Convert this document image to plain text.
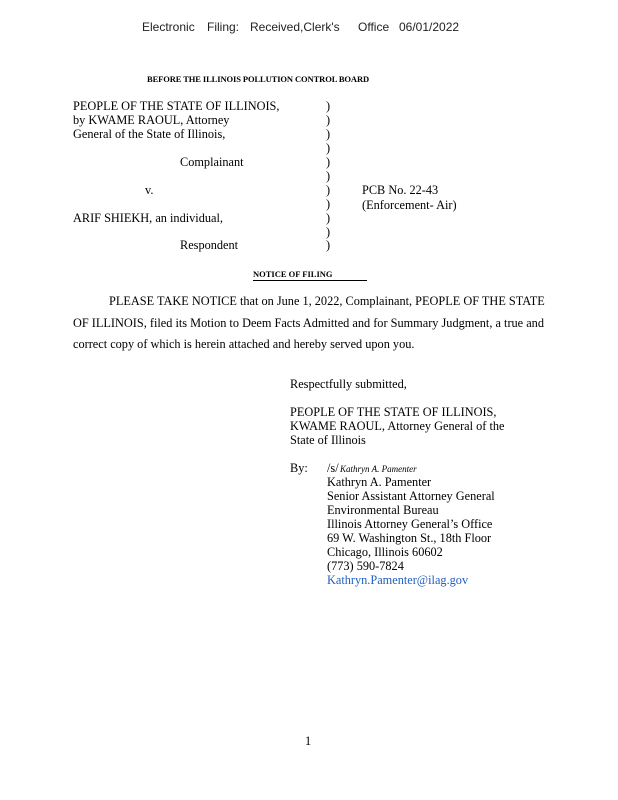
Electronic Filing: Received,Clerk's Office 06/01/2022
BEFORE THE ILLINOIS POLLUTION CONTROL BOARD
PEOPLE OF THE STATE OF ILLINOIS,
by KWAME RAOUL, Attorney
General of the State of Illinois,
Complainant
v.
ARIF SHIEKH, an individual,
Respondent
)
)
)
)
)
)
)
)
)
)
)
PCB No. 22-43
(Enforcement- Air)
NOTICE OF FILING
PLEASE TAKE NOTICE that on June 1, 2022, Complainant, PEOPLE OF THE STATE
OF ILLINOIS, filed its Motion to Deem Facts Admitted and for Summary Judgment, a true and
correct copy of which is herein attached and hereby served upon you.
Respectfully submitted,
PEOPLE OF THE STATE OF ILLINOIS,
KWAME RAOUL, Attorney General of the
State of Illinois
By: /s/ Kathryn A. Pamenter
Kathryn A. Pamenter
Senior Assistant Attorney General
Environmental Bureau
Illinois Attorney General’s Office
69 W. Washington St., 18th Floor
Chicago, Illinois 60602
(773) 590-7824
Kathryn.Pamenter@ilag.gov
1
